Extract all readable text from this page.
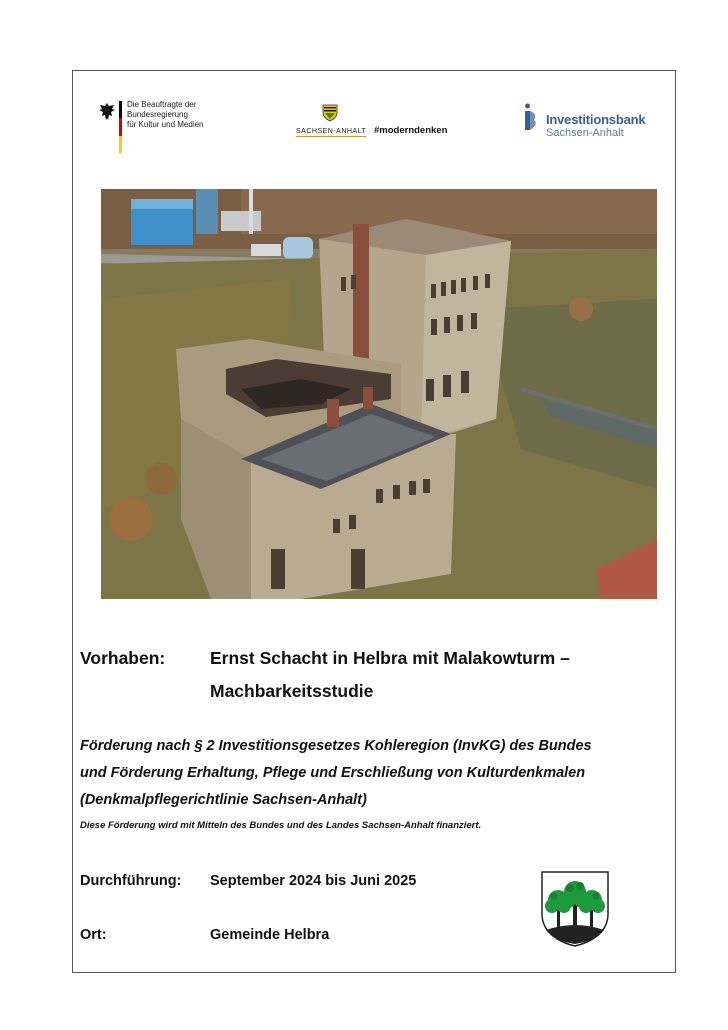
Die Beauftragte der Bundesregierung
für Kultur und Medien
SACHSEN-ANHALT #moderndenken
Investitionsbank
Sachsen-Anhalt
Vorhaben:	Ernst Schacht in Helbra mit Malakowturm –
Machbarkeitsstudie
Förderung nach § 2 Investitionsgesetzes Kohleregion (InvKG) des Bundes
und Förderung Erhaltung, Pflege und Erschließung von Kulturdenkmalen
(Denkmalpflegerichtlinie Sachsen-Anhalt)
Diese Förderung wird mit Mitteln des Bundes und des Landes Sachsen-Anhalt finanziert.
Durchführung: September 2024 bis Juni 2025
Ort:	Gemeinde Helbra
